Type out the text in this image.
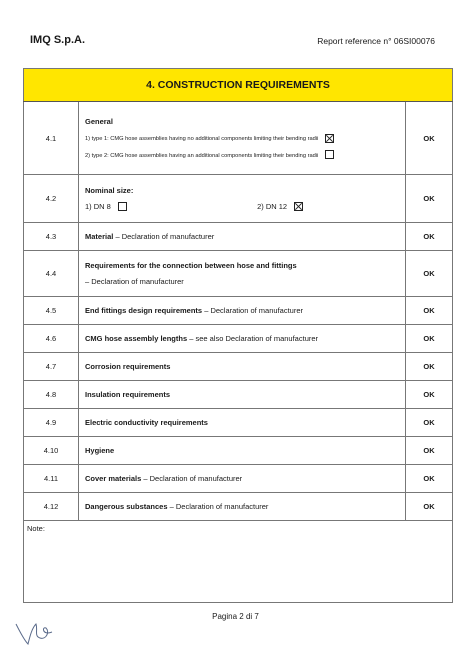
IMQ S.p.A.	Report reference n° 06SI00076
4. CONSTRUCTION REQUIREMENTS		
4.1	General
1) type 1: CMG hose assemblies having no additional components limiting their bending radii
2) type 2: CMG hose assemblies having an additional components limiting their bending radii	OK
4.2	Nominal size:
1) DN 8 2) DN 12	OK
4.3	Material – Declaration of manufacturer	OK
4.4	Requirements for the connection between hose and fittings
– Declaration of manufacturer	OK
4.5	End fittings design requirements – Declaration of manufacturer	OK
4.6	CMG hose assembly lengths – see also Declaration of manufacturer	OK
4.7	Corrosion requirements	OK
4.8	Insulation requirements	OK
4.9	Electric conductivity requirements	OK
4.10	Hygiene	OK
4.11	Cover materials – Declaration of manufacturer	OK
4.12	Dangerous substances – Declaration of manufacturer	OK
Note:		
Pagina 2 di 7
